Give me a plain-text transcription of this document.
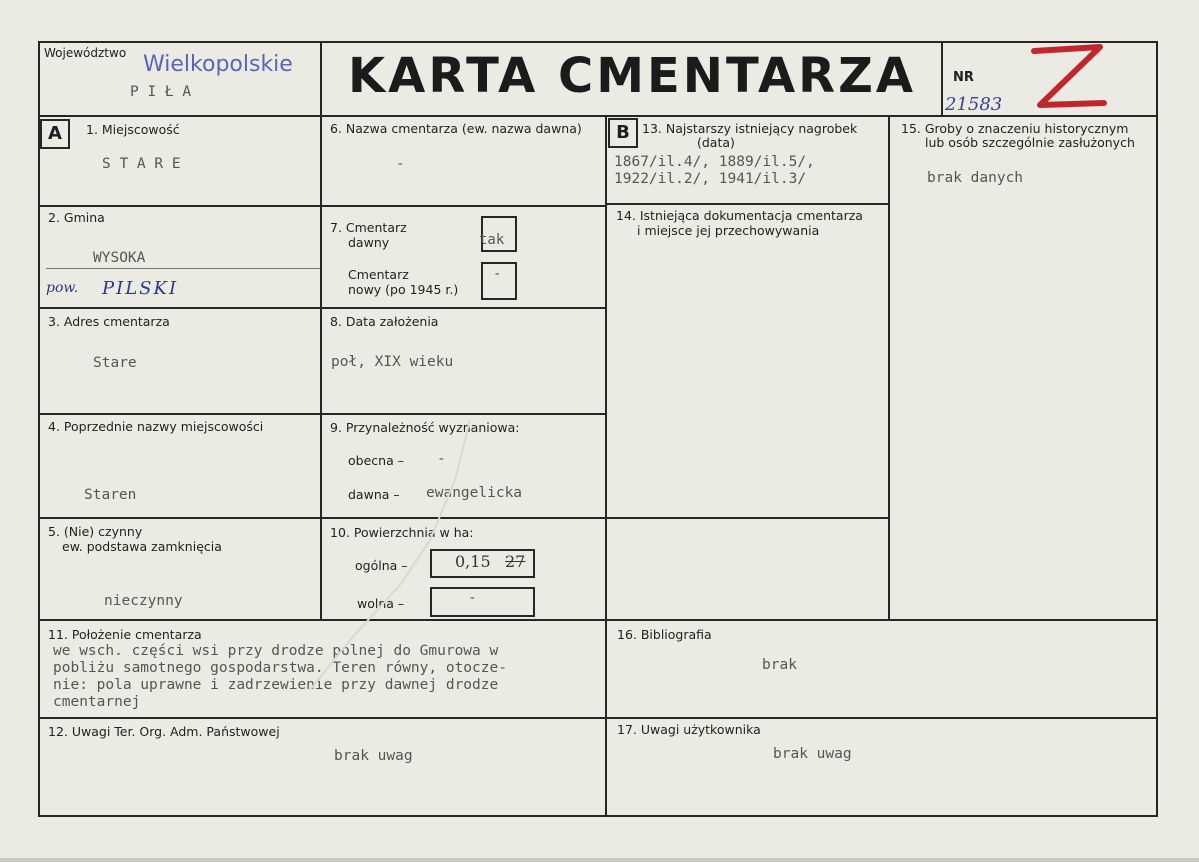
Województwo Wielkopolskie
P I Ł A	KARTA CMENTARZA	NR
21583
A	B
1. Miejscowość
S T A R E
2. Gmina
WYSOKA
pow. PILSKI
3. Adres cmentarza
Stare
4. Poprzednie nazwy miejscowości
Staren
5. (Nie) czynny
ew. podstawa zamknięcia
nieczynny
6. Nazwa cmentarza (ew. nazwa dawna)
-
7. Cmentarz
dawny	tak
Cmentarz
nowy (po 1945 r.)
-
8. Data założenia
poł, XIX wieku
9. Przynależność wyznaniowa:
obecna – -
dawna – ewangelicka
10. Powierzchnia w ha:
ogólna –	0,15 27
wolna –	-
11. Położenie cmentarza
we wsch. części wsi przy drodze polnej do Gmurowa w
pobliżu samotnego gospodarstwa. Teren równy, otocze-
nie: pola uprawne i zadrzewienie przy dawnej drodze
cmentarnej
12. Uwagi Ter. Org. Adm. Państwowej
brak uwag
13. Najstarszy istniejący nagrobek
(data)
1867/il.4/, 1889/il.5/,
1922/il.2/, 1941/il.3/
14. Istniejąca dokumentacja cmentarza
i miejsce jej przechowywania
15. Groby o znaczeniu historycznym
lub osób szczególnie zasłużonych
brak danych
16. Bibliografia
brak
17. Uwagi użytkownika
brak uwag
